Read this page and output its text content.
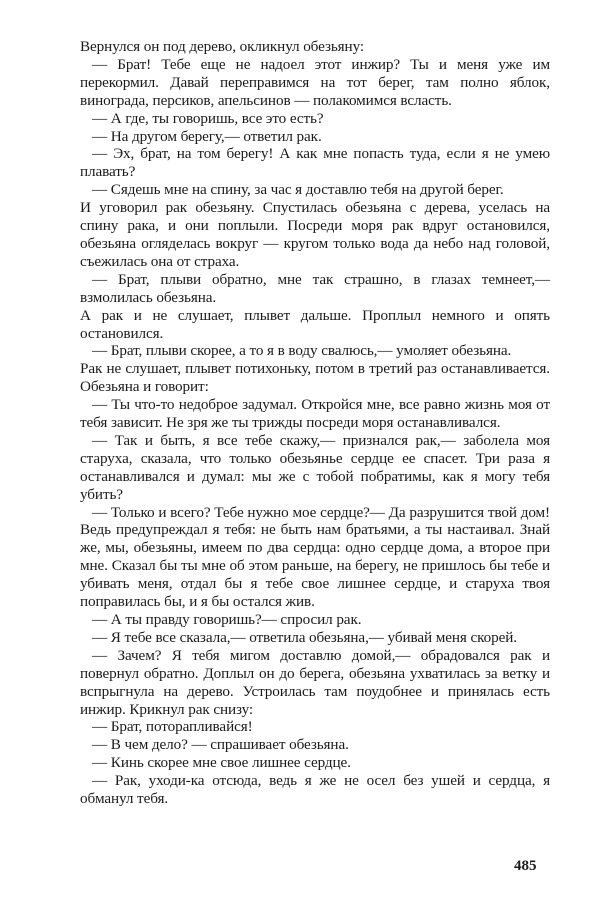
Вернулся он под дерево, окликнул обезьяну:

— Брат! Тебе еще не надоел этот инжир? Ты и меня уже им перекормил. Давай переправимся на тот берег, там полно яблок, винограда, персиков, апельсинов — полакомимся всласть.

— А где, ты говоришь, все это есть?

— На другом берегу,— ответил рак.

— Эх, брат, на том берегу! А как мне попасть туда, если я не умею плавать?

— Сядешь мне на спину, за час я доставлю тебя на другой берег.

И уговорил рак обезьяну. Спустилась обезьяна с дерева, уселась на спину рака, и они поплыли. Посреди моря рак вдруг остановился, обезьяна огляделась вокруг — кругом только вода да небо над головой, съежилась она от страха.

— Брат, плыви обратно, мне так страшно, в глазах темнеет,— взмолилась обезьяна.

А рак и не слушает, плывет дальше. Проплыл немного и опять остановился.

— Брат, плыви скорее, а то я в воду свалюсь,— умоляет обезьяна.

Рак не слушает, плывет потихоньку, потом в третий раз останавливается. Обезьяна и говорит:

— Ты что-то недоброе задумал. Откройся мне, все равно жизнь моя от тебя зависит. Не зря же ты трижды посреди моря останавливался.

— Так и быть, я все тебе скажу,— признался рак,— заболела моя старуха, сказала, что только обезьянье сердце ее спасет. Три раза я останавливался и думал: мы же с тобой побратимы, как я могу тебя убить?

— Только и всего? Тебе нужно мое сердце?— Да разрушится твой дом! Ведь предупреждал я тебя: не быть нам братьями, а ты настаивал. Знай же, мы, обезьяны, имеем по два сердца: одно сердце дома, а второе при мне. Сказал бы ты мне об этом раньше, на берегу, не пришлось бы тебе и убивать меня, отдал бы я тебе свое лишнее сердце, и старуха твоя поправилась бы, и я бы остался жив.

— А ты правду говоришь?— спросил рак.

— Я тебе все сказала,— ответила обезьяна,— убивай меня скорей.

— Зачем? Я тебя мигом доставлю домой,— обрадовался рак и повернул обратно. Доплыл он до берега, обезьяна ухватилась за ветку и вспрыгнула на дерево. Устроилась там поудобнее и принялась есть инжир. Крикнул рак снизу:

— Брат, поторапливайся!

— В чем дело? — спрашивает обезьяна.

— Кинь скорее мне свое лишнее сердце.

— Рак, уходи-ка отсюда, ведь я же не осел без ушей и сердца, я обманул тебя.

485
